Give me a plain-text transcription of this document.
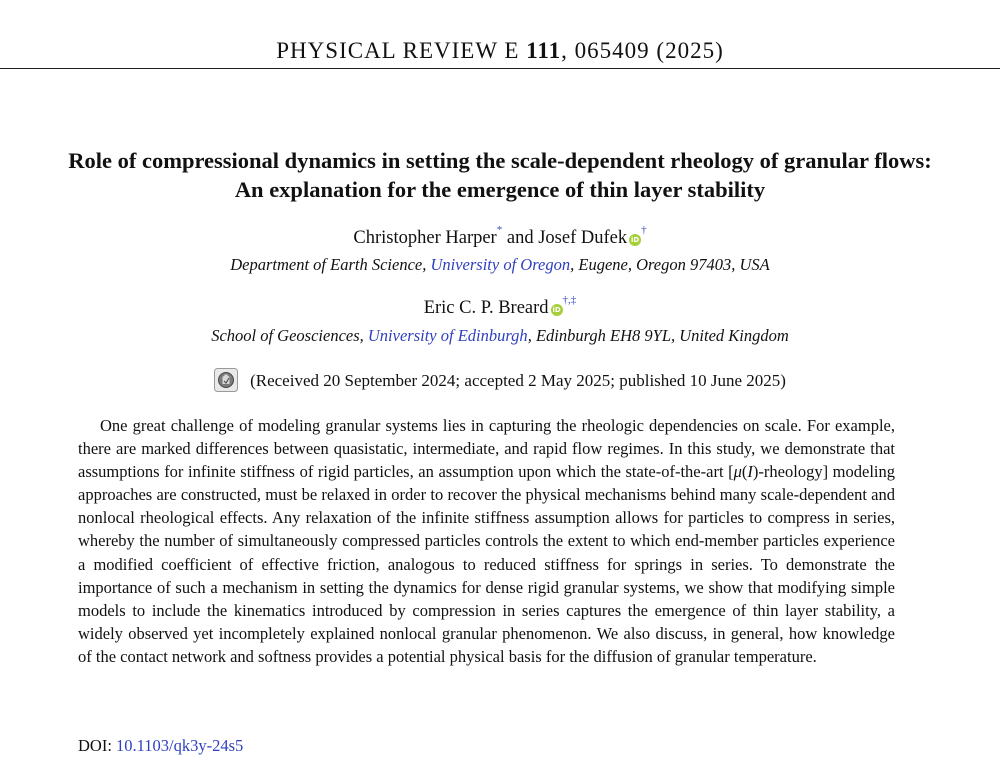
PHYSICAL REVIEW E 111, 065409 (2025)
Role of compressional dynamics in setting the scale-dependent rheology of granular flows:
An explanation for the emergence of thin layer stability
Christopher Harper* and Josef Dufek iD†
Department of Earth Science, University of Oregon, Eugene, Oregon 97403, USA
Eric C. P. Breard iD†,‡
School of Geosciences, University of Edinburgh, Edinburgh EH8 9YL, United Kingdom
(Received 20 September 2024; accepted 2 May 2025; published 10 June 2025)
One great challenge of modeling granular systems lies in capturing the rheologic dependencies on scale. For example, there are marked differences between quasistatic, intermediate, and rapid flow regimes. In this study, we demonstrate that assumptions for infinite stiffness of rigid particles, an assumption upon which the state-of-the-art [μ(I)-rheology] modeling approaches are constructed, must be relaxed in order to recover the physical mechanisms behind many scale-dependent and nonlocal rheological effects. Any relaxation of the infinite stiffness assumption allows for particles to compress in series, whereby the number of simultaneously compressed particles controls the extent to which end-member particles experience a modified coefficient of effective friction, analogous to reduced stiffness for springs in series. To demonstrate the importance of such a mechanism in setting the dynamics for dense rigid granular systems, we show that modifying simple models to include the kinematics introduced by compression in series captures the emergence of thin layer stability, a widely observed yet incompletely explained nonlocal granular phenomenon. We also discuss, in general, how knowledge of the contact network and softness provides a potential physical basis for the diffusion of granular temperature.
DOI: 10.1103/qk3y-24s5
